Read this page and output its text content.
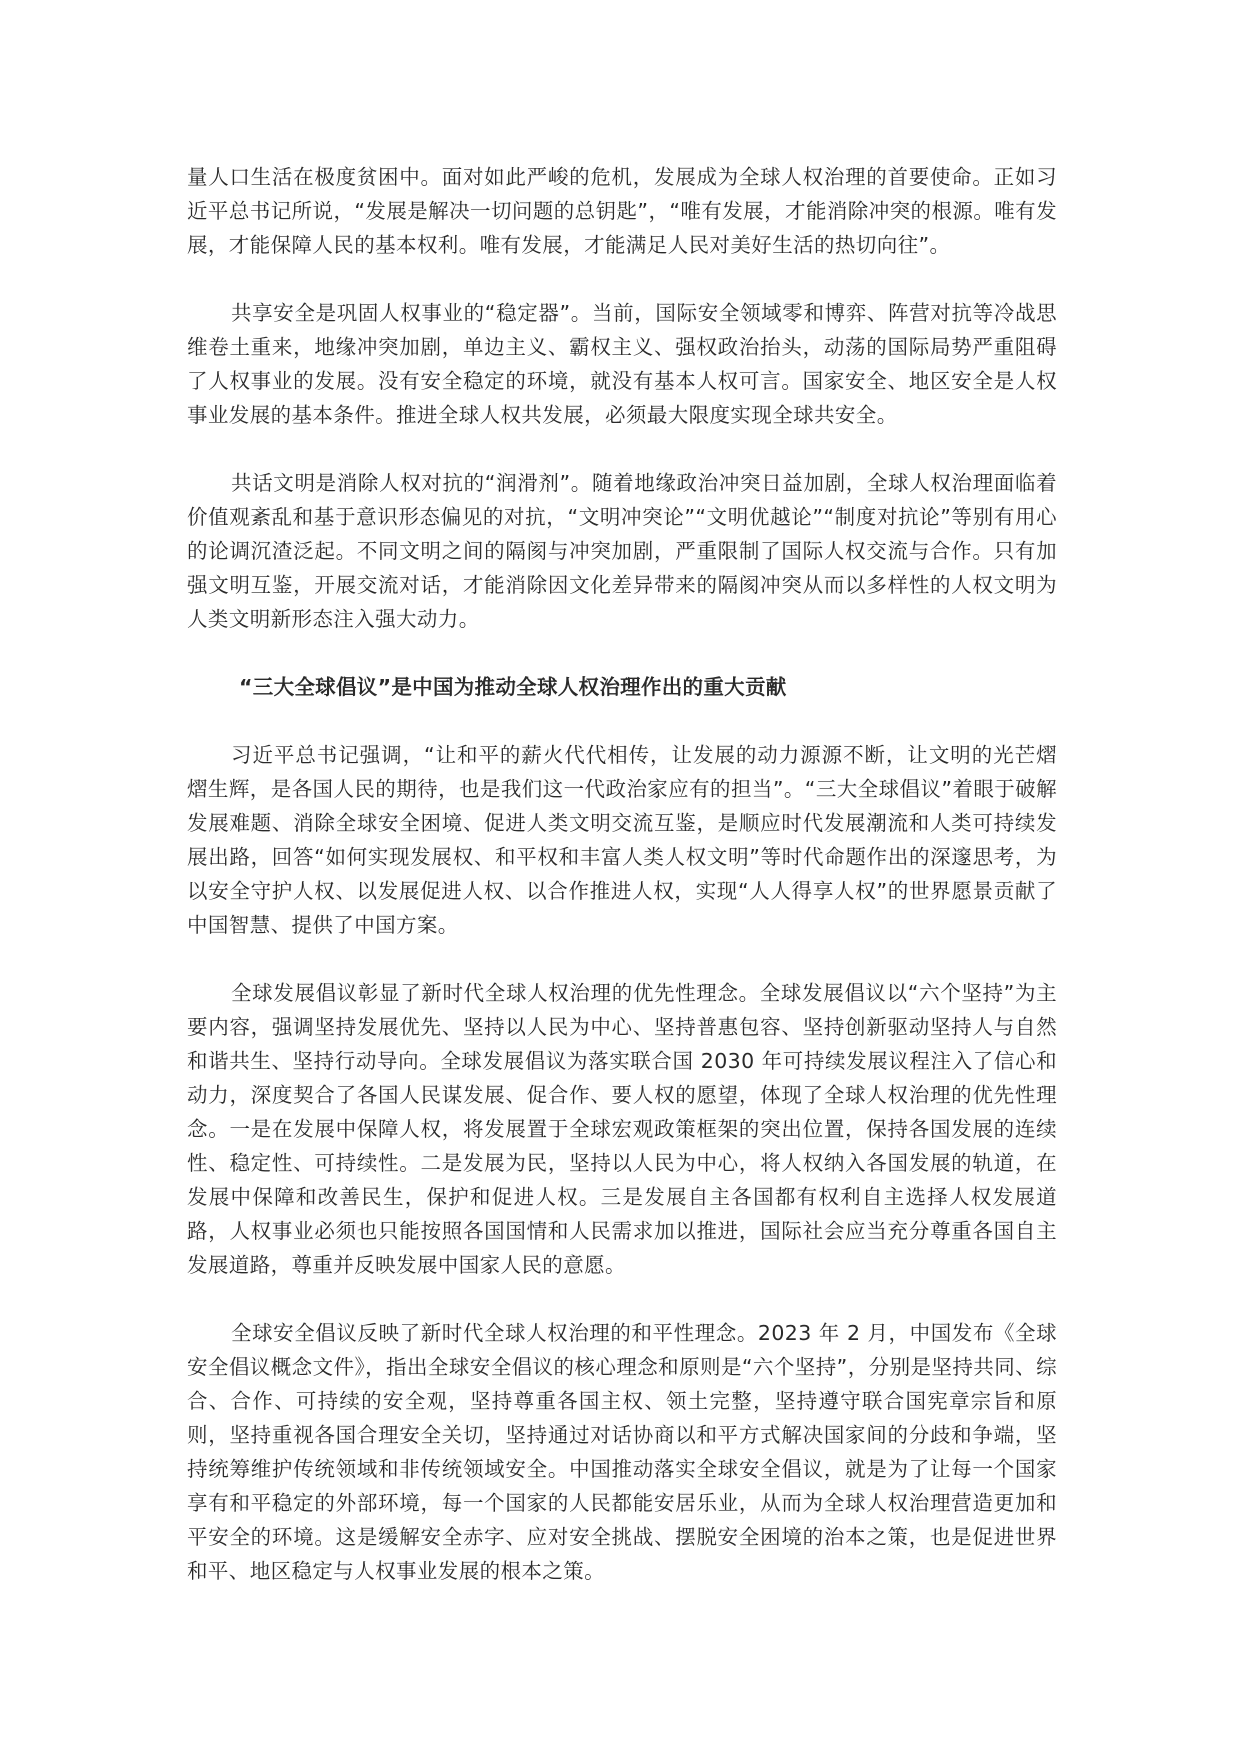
量人口生活在极度贫困中。面对如此严峻的危机，发展成为全球人权治理的首要使命。正如习近平总书记所说，“发展是解决一切问题的总钥匙”，“唯有发展，才能消除冲突的根源。唯有发展，才能保障人民的基本权利。唯有发展，才能满足人民对美好生活的热切向往”。

共享安全是巩固人权事业的“稳定器”。当前，国际安全领域零和博弈、阵营对抗等冷战思维卷土重来，地缘冲突加剧，单边主义、霸权主义、强权政治抬头，动荡的国际局势严重阻碍了人权事业的发展。没有安全稳定的环境，就没有基本人权可言。国家安全、地区安全是人权事业发展的基本条件。推进全球人权共发展，必须最大限度实现全球共安全。

共话文明是消除人权对抗的“润滑剂”。随着地缘政治冲突日益加剧，全球人权治理面临着价值观紊乱和基于意识形态偏见的对抗，“文明冲突论”“文明优越论”“制度对抗论”等别有用心的论调沉渣泛起。不同文明之间的隔阂与冲突加剧，严重限制了国际人权交流与合作。只有加强文明互鉴，开展交流对话，才能消除因文化差异带来的隔阂冲突从而以多样性的人权文明为人类文明新形态注入强大动力。

“三大全球倡议”是中国为推动全球人权治理作出的重大贡献

习近平总书记强调，“让和平的薪火代代相传，让发展的动力源源不断，让文明的光芒熠熠生辉，是各国人民的期待，也是我们这一代政治家应有的担当”。“三大全球倡议”着眼于破解发展难题、消除全球安全困境、促进人类文明交流互鉴，是顺应时代发展潮流和人类可持续发展出路，回答“如何实现发展权、和平权和丰富人类人权文明”等时代命题作出的深邃思考，为以安全守护人权、以发展促进人权、以合作推进人权，实现“人人得享人权”的世界愿景贡献了中国智慧、提供了中国方案。

全球发展倡议彰显了新时代全球人权治理的优先性理念。全球发展倡议以“六个坚持”为主要内容，强调坚持发展优先、坚持以人民为中心、坚持普惠包容、坚持创新驱动坚持人与自然和谐共生、坚持行动导向。全球发展倡议为落实联合国 2030 年可持续发展议程注入了信心和动力，深度契合了各国人民谋发展、促合作、要人权的愿望，体现了全球人权治理的优先性理念。一是在发展中保障人权，将发展置于全球宏观政策框架的突出位置，保持各国发展的连续性、稳定性、可持续性。二是发展为民，坚持以人民为中心，将人权纳入各国发展的轨道，在发展中保障和改善民生，保护和促进人权。三是发展自主各国都有权利自主选择人权发展道路，人权事业必须也只能按照各国国情和人民需求加以推进，国际社会应当充分尊重各国自主发展道路，尊重并反映发展中国家人民的意愿。

全球安全倡议反映了新时代全球人权治理的和平性理念。2023 年 2 月，中国发布《全球安全倡议概念文件》，指出全球安全倡议的核心理念和原则是“六个坚持”，分别是坚持共同、综合、合作、可持续的安全观，坚持尊重各国主权、领土完整，坚持遵守联合国宪章宗旨和原则，坚持重视各国合理安全关切，坚持通过对话协商以和平方式解决国家间的分歧和争端，坚持统筹维护传统领域和非传统领域安全。中国推动落实全球安全倡议，就是为了让每一个国家享有和平稳定的外部环境，每一个国家的人民都能安居乐业，从而为全球人权治理营造更加和平安全的环境。这是缓解安全赤字、应对安全挑战、摆脱安全困境的治本之策，也是促进世界和平、地区稳定与人权事业发展的根本之策。
